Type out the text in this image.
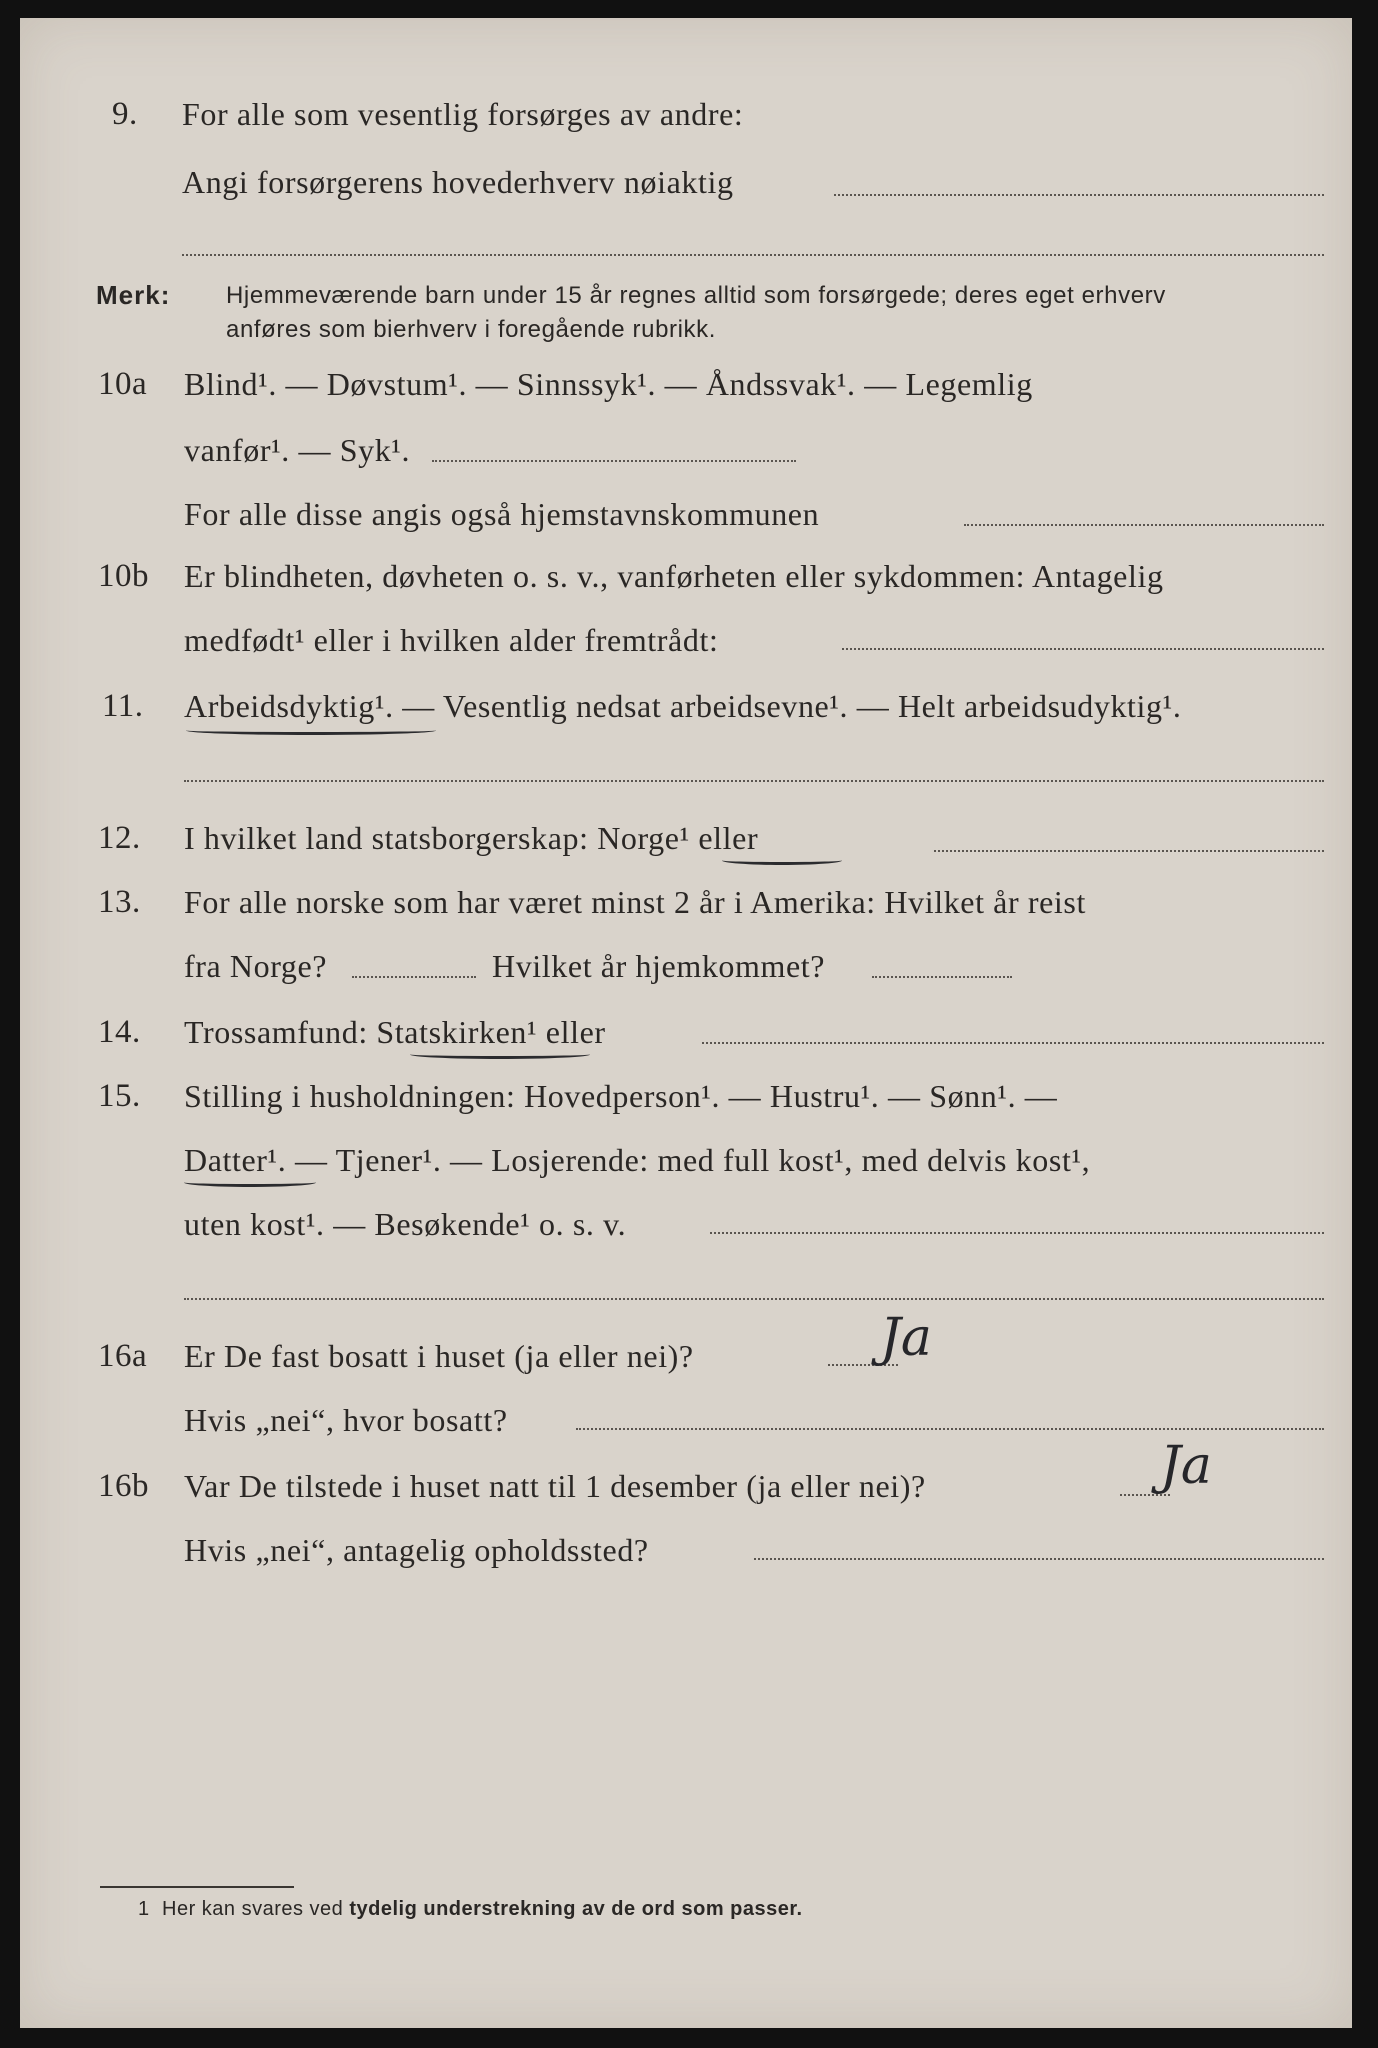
9. For alle som vesentlig forsørges av andre:
Angi forsørgerens hovederhverv nøiaktig
Merk: Hjemmeværende barn under 15 år regnes alltid som forsørgede; deres eget erhverv
anføres som bierhverv i foregående rubrikk.
10a Blind¹. — Døvstum¹. — Sinnssyk¹. — Åndssvak¹. — Legemlig
vanfør¹. — Syk¹.
For alle disse angis også hjemstavnskommunen
10b Er blindheten, døvheten o. s. v., vanførheten eller sykdommen: Antagelig
medfødt¹ eller i hvilken alder fremtrådt:
11. Arbeidsdyktig¹. — Vesentlig nedsat arbeidsevne¹. — Helt arbeidsudyktig¹.
12. I hvilket land statsborgerskap: Norge¹ eller
13. For alle norske som har været minst 2 år i Amerika: Hvilket år reist
fra Norge?	Hvilket år hjemkommet?
14. Trossamfund: Statskirken¹ eller
15. Stilling i husholdningen: Hovedperson¹. — Hustru¹. — Sønn¹. —
Datter¹. — Tjener¹. — Losjerende: med full kost¹, med delvis kost¹,
uten kost¹. — Besøkende¹ o. s. v.
16a Er De fast bosatt i huset (ja eller nei)?	Ja
Hvis „nei“, hvor bosatt?
16b Var De tilstede i huset natt til 1 desember (ja eller nei)?	Ja
Hvis „nei“, antagelig opholdssted?
1 Her kan svares ved tydelig understrekning av de ord som passer.
